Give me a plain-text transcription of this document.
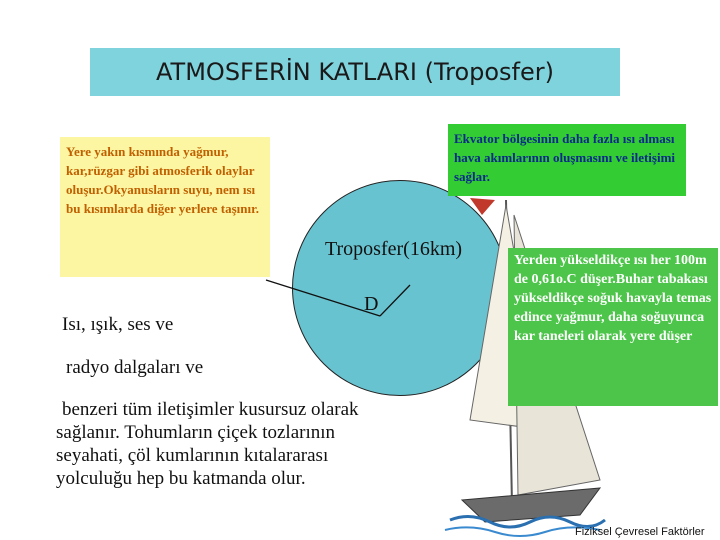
ATMOSFERİN KATLARI (Troposfer)
Yere yakın kısmında yağmur, kar,rüzgar gibi atmosferik olaylar oluşur.Okyanusların suyu, nem ısı bu kısımlarda diğer yerlere taşınır.
Ekvator bölgesinin daha fazla ısı alması hava akımlarının oluşmasını ve iletişimi sağlar.
Yerden yükseldikçe ısı her 100m de 0,61o.C düşer.Buhar tabakası yükseldikçe soğuk havayla temas edince yağmur, daha soğuyunca kar taneleri olarak yere düşer
Troposfer(16km)
D
Isı, ışık, ses ve
radyo dalgaları ve
benzeri tüm iletişimler kusursuz olarak
sağlanır. Tohumların çiçek tozlarının
seyahati, çöl kumlarının kıtalararası
yolculuğu hep bu katmanda olur.
Fiziksel Çevresel Faktörler
